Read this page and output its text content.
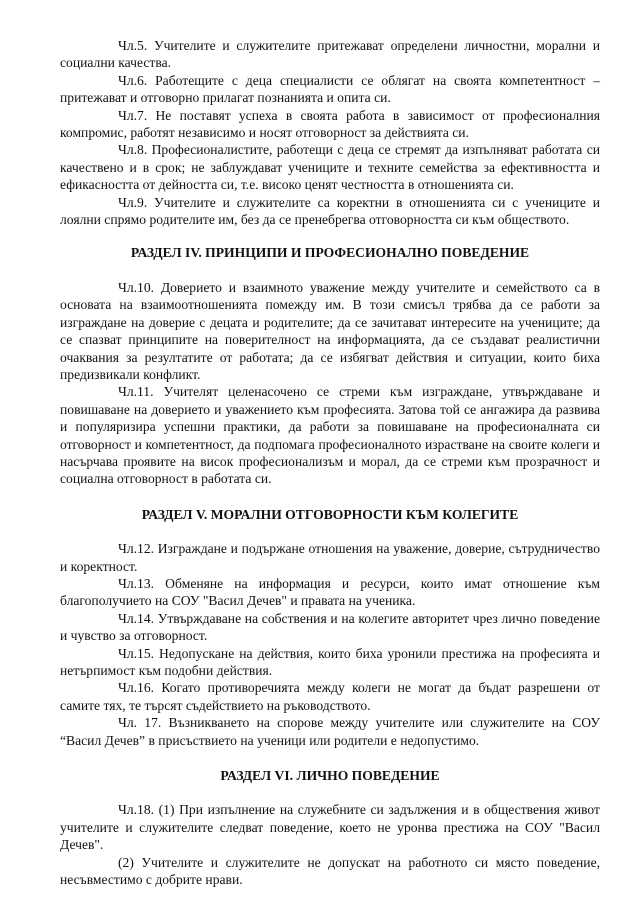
Чл.5. Учителите и служителите притежават определени личностни, морални и социални качества.

Чл.6. Работещите с деца специалисти се облягат на своята компетентност – притежават и отговорно прилагат познанията и опита си.

Чл.7. Не поставят успеха в своята работа в зависимост от професионалния компромис, работят независимо и носят отговорност за действията си.

Чл.8. Професионалистите, работещи с деца се стремят да изпълняват работата си качествено и в срок; не заблуждават учениците и техните семейства за ефективността и ефикасността от дейността си, т.е. високо ценят честността в отношенията си.

Чл.9. Учителите и служителите са коректни в отношенията си с учениците и лоялни спрямо родителите им, без да се пренебрегва отговорността си към обществото.

РАЗДЕЛ IV. ПРИНЦИПИ И ПРОФЕСИОНАЛНО ПОВЕДЕНИЕ

Чл.10. Доверието и взаимното уважение между учителите и семейството са в основата на взаимоотношенията помежду им. В този смисъл трябва да се работи за изграждане на доверие с децата и родителите; да се зачитават интересите на учениците; да се спазват принципите на поверителност на информацията, да се създават реалистични очаквания за резултатите от работата; да се избягват действия и ситуации, които биха предизвикали конфликт.

Чл.11. Учителят целенасочено се стреми към изграждане, утвърждаване и повишаване на доверието и уважението към професията. Затова той се ангажира да развива и популяризира успешни практики, да работи за повишаване на професионалната си отговорност и компетентност, да подпомага професионалното израстване на своите колеги и насърчава проявите на висок професионализъм и морал, да се стреми към прозрачност и социална отговорност в работата си.

РАЗДЕЛ V. МОРАЛНИ ОТГОВОРНОСТИ КЪМ КОЛЕГИТЕ

Чл.12. Изграждане и подържане отношения на уважение, доверие, сътрудничество и коректност.

Чл.13. Обменяне на информация и ресурси, които имат отношение към благополучието на СОУ "Васил Дечев" и правата на ученика.

Чл.14. Утвърждаване на собствения и на колегите авторитет чрез лично поведение и чувство за отговорност.

Чл.15. Недопускане на действия, които биха уронили престижа на професията и нетърпимост към подобни действия.

Чл.16. Когато противоречията между колеги не могат да бъдат разрешени от самите тях, те търсят съдействието на ръководството.

Чл. 17. Възникването на спорове между учителите или служителите на СОУ “Васил Дечев” в присъствието на ученици или родители е недопустимо.

РАЗДЕЛ VI. ЛИЧНО ПОВЕДЕНИЕ

Чл.18. (1) При изпълнение на служебните си задължения и в обществения живот учителите и служителите следват поведение, което не уронва престижа на СОУ "Васил Дечев".

(2) Учителите и служителите не допускат на работното си място поведение, несъвместимо с добрите нрави.
